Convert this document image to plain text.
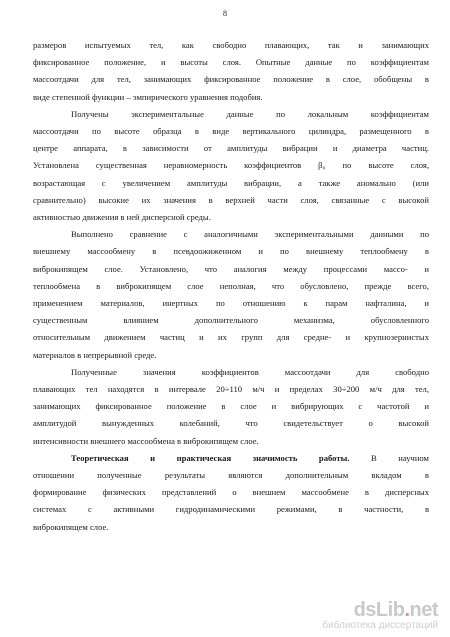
8
размеров испытуемых тел, как свободно плавающих, так и занимающих
фиксированное положение, и высоты слоя. Опытные данные по коэффициентам
массоотдачи для тел, занимающих фиксированное положение в слое, обобщены в
виде степенной функции – эмпирического уравнения подобия.
Получены экспериментальные данные по локальным коэффициентам
массоотдачи по высоте образца в виде вертикального цилиндра, размещенного в
центре аппарата, в зависимости от амплитуды вибрации и диаметра частиц.
Установлена существенная неравномерность коэффициентов β₀ по высоте слоя,
возрастающая с увеличением амплитуды вибрации, а также аномально (или
сравнительно) высокие их значения в верхней части слоя, связанные с высокой
активностью движения в ней дисперсной среды.
Выполнено сравнение с аналогичными экспериментальными данными по
внешнему массообмену в псевдоожиженном и по внешнему теплообмену в
виброкипящем слое. Установлено, что аналогия между процессами массо- и
теплообмена в виброкипящем слое неполная, что обусловлено, прежде всего,
применением материалов, инертных по отношению к парам нафталина, и
существенным влиянием дополнительного механизма, обусловленного
относительным движением частиц и их групп для средне- и крупнозернистых
материалов в непрерывной среде.
Полученные значения коэффициентов массоотдачи для свободно
плавающих тел находятся в интервале 20÷110 м/ч и пределах 30÷200 м/ч для тел,
занимающих фиксированное положение в слое и вибрирующих с частотой и
амплитудой вынужденных колебаний, что свидетельствует о высокой
интенсивности внешнего массообмена в виброкипящем слое.
Теоретическая и практическая значимость работы. В научном
отношении полученные результаты являются дополнительным вкладом в
формирование физических представлений о внешнем массообмене в дисперсных
системах с активными гидродинамическими режимами, в частности, в
виброкипящем слое.
dsLib.net
библиотека диссертаций
